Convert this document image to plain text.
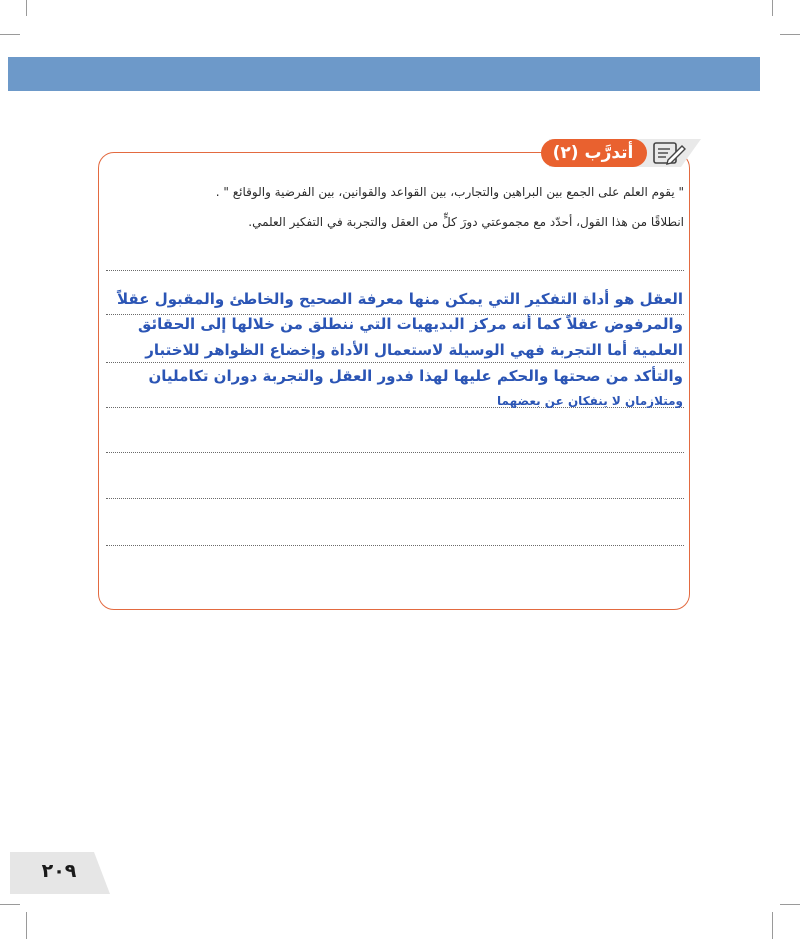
أتدرَّب (٢)
" يقوم العلم على الجمع بين البراهين والتجارب، بين القواعد والقوانين، بين الفرضية والوقائع " .
انطلاقًا من هذا القول، أحدّد مع مجموعتي دورَ كلٍّ من العقل والتجربة في التفكير العلمي.
العقل هو أداة التفكير التي يمكن منها معرفة الصحيح والخاطئ والمقبول عقلاً
والمرفوض عقلاً كما أنه مركز البديهيات التي ننطلق من خلالها إلى الحقائق
العلمية أما التجربة فهي الوسيلة لاستعمال الأداة وإخضاع الظواهر للاختبار
والتأكد من صحتها والحكم عليها لهذا فدور العقل والتجربة دوران تكامليان
ومتلازمان لا ينفكان عن بعضهما
٢٠٩
